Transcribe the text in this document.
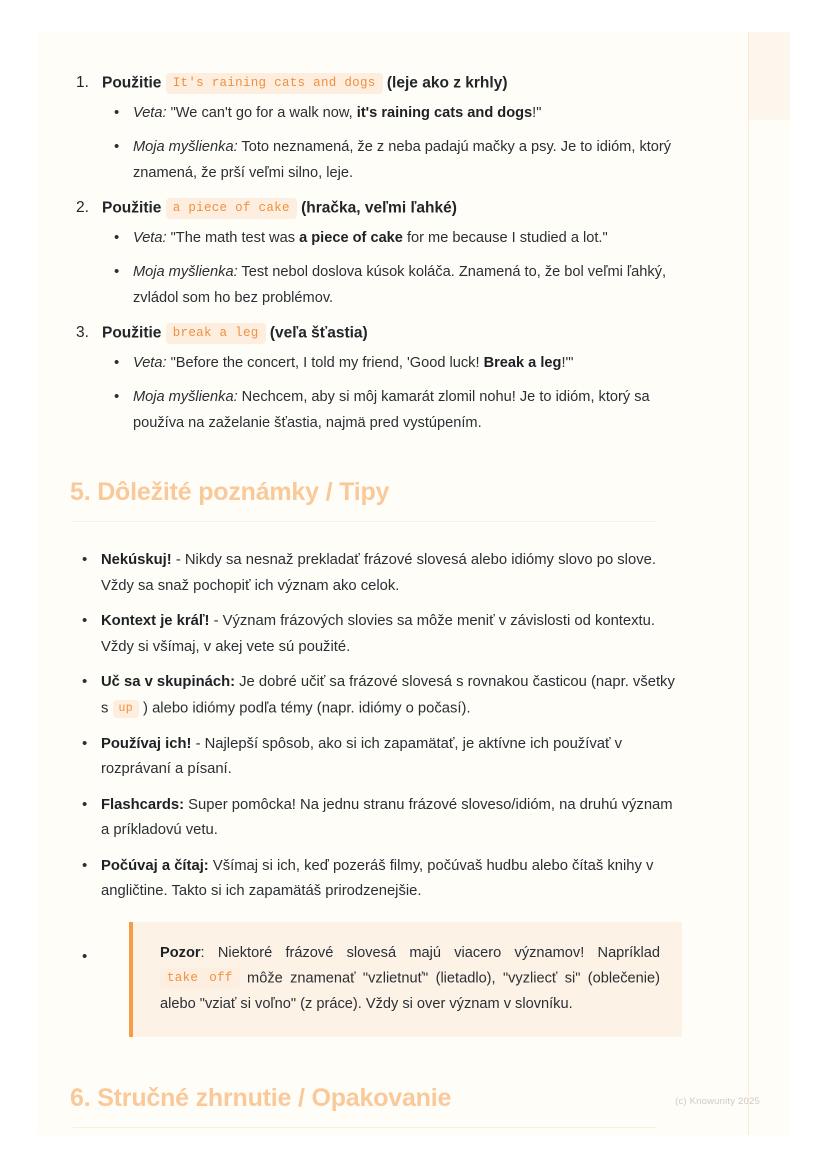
1. Použitie It's raining cats and dogs (leje ako z krhly)
• Veta: "We can't go for a walk now, it's raining cats and dogs!"
• Moja myšlienka: Toto neznamená, že z neba padajú mačky a psy. Je to idióm, ktorý znamená, že prší veľmi silno, leje.
2. Použitie a piece of cake (hračka, veľmi ľahké)
• Veta: "The math test was a piece of cake for me because I studied a lot."
• Moja myšlienka: Test nebol doslova kúsok koláča. Znamená to, že bol veľmi ľahký, zvládol som ho bez problémov.
3. Použitie break a leg (veľa šťastia)
• Veta: "Before the concert, I told my friend, 'Good luck! Break a leg!'"
• Moja myšlienka: Nechcem, aby si môj kamarát zlomil nohu! Je to idióm, ktorý sa používa na zaželanie šťastia, najmä pred vystúpením.
5. Dôležité poznámky / Tipy
• Nekúskuj! - Nikdy sa nesnaž prekladať frázové slovesá alebo idiómy slovo po slove. Vždy sa snaž pochopiť ich význam ako celok.
• Kontext je kráľ! - Význam frázových slovies sa môže meniť v závislosti od kontextu. Vždy si všímaj, v akej vete sú použité.
• Uč sa v skupinách: Je dobré učiť sa frázové slovesá s rovnakou časticou (napr. všetky s up ) alebo idiómy podľa témy (napr. idiómy o počasí).
• Používaj ich! - Najlepší spôsob, ako si ich zapamätať, je aktívne ich používať v rozprávaní a písaní.
• Flashcards: Super pomôcka! Na jednu stranu frázové sloveso/idióm, na druhú význam a príkladovú vetu.
• Počúvaj a čítaj: Všímaj si ich, keď pozeráš filmy, počúvaš hudbu alebo čítaš knihy v angličtine. Takto si ich zapamätáš prirodzenejšie.
• Pozor: Niektoré frázové slovesá majú viacero významov! Napríklad take off môže znamenať "vzlietnuť" (lietadlo), "vyzliecť si" (oblečenie) alebo "vziať si voľno" (z práce). Vždy si over význam v slovníku.
6. Stručné zhrnutie / Opakovanie	(c) Knowunity 2025
